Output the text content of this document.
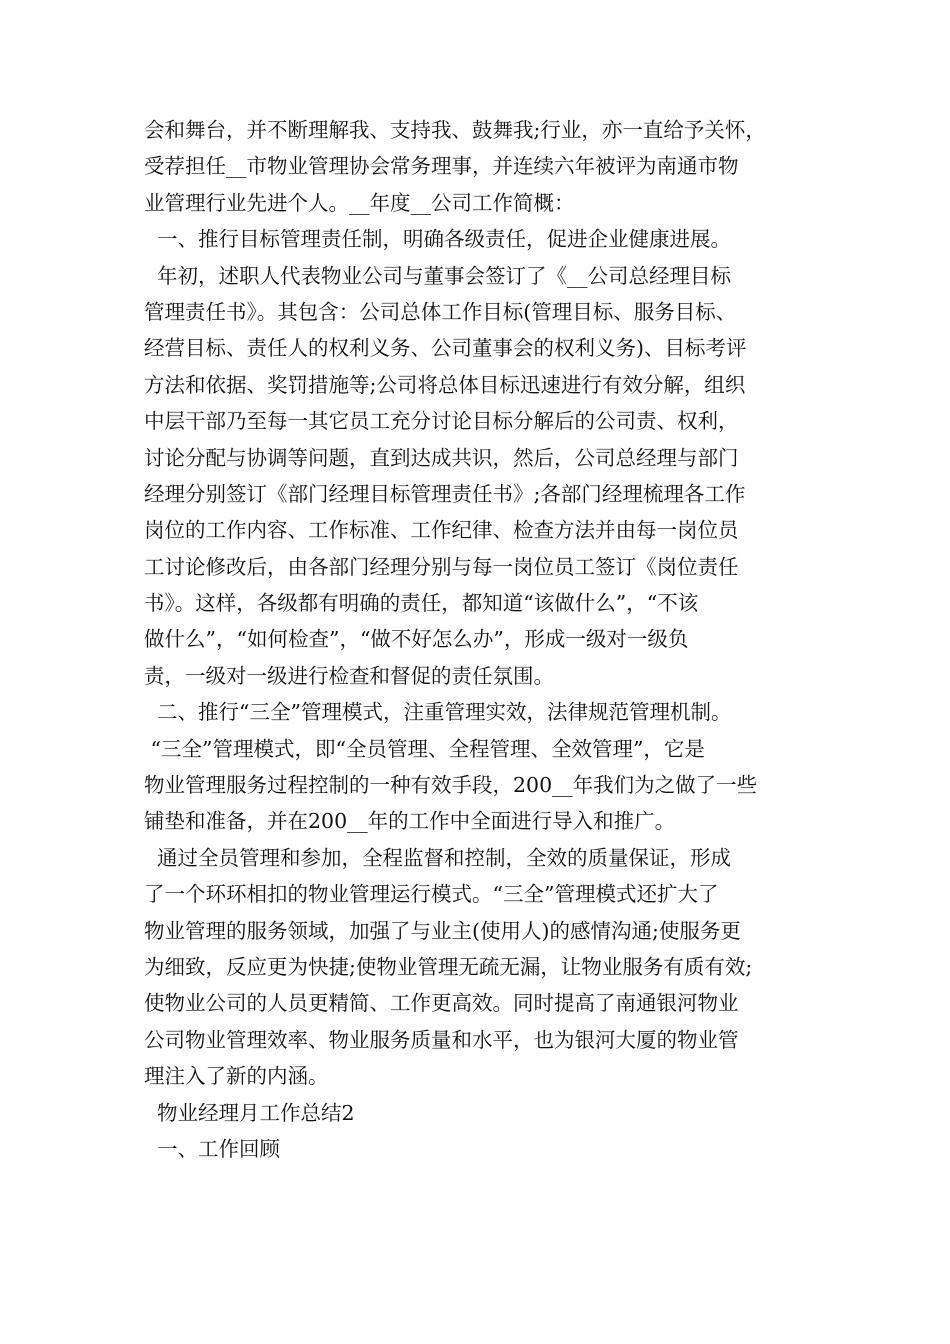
会和舞台，并不断理解我、支持我、鼓舞我;行业，亦一直给予关怀，
受荐担任__市物业管理协会常务理事，并连续六年被评为南通市物
业管理行业先进个人。__年度__公司工作简概：
一、推行目标管理责任制，明确各级责任，促进企业健康进展。
年初，述职人代表物业公司与董事会签订了《__公司总经理目标
管理责任书》。其包含：公司总体工作目标(管理目标、服务目标、
经营目标、责任人的权利义务、公司董事会的权利义务)、目标考评
方法和依据、奖罚措施等;公司将总体目标迅速进行有效分解，组织
中层干部乃至每一其它员工充分讨论目标分解后的公司责、权利，
讨论分配与协调等问题，直到达成共识，然后，公司总经理与部门
经理分别签订《部门经理目标管理责任书》;各部门经理梳理各工作
岗位的工作内容、工作标准、工作纪律、检查方法并由每一岗位员
工讨论修改后，由各部门经理分别与每一岗位员工签订《岗位责任
书》。这样，各级都有明确的责任，都知道“该做什么”，“不该
做什么”，“如何检查”，“做不好怎么办”，形成一级对一级负
责，一级对一级进行检查和督促的责任氛围。
二、推行“三全”管理模式，注重管理实效，法律规范管理机制。
“三全”管理模式，即“全员管理、全程管理、全效管理”，它是
物业管理服务过程控制的一种有效手段，200__年我们为之做了一些
铺垫和准备，并在200__年的工作中全面进行导入和推广。
通过全员管理和参加，全程监督和控制，全效的质量保证，形成
了一个环环相扣的物业管理运行模式。“三全”管理模式还扩大了
物业管理的服务领域，加强了与业主(使用人)的感情沟通;使服务更
为细致，反应更为快捷;使物业管理无疏无漏，让物业服务有质有效;
使物业公司的人员更精简、工作更高效。同时提高了南通银河物业
公司物业管理效率、物业服务质量和水平，也为银河大厦的物业管
理注入了新的内涵。
物业经理月工作总结2
一、工作回顾
